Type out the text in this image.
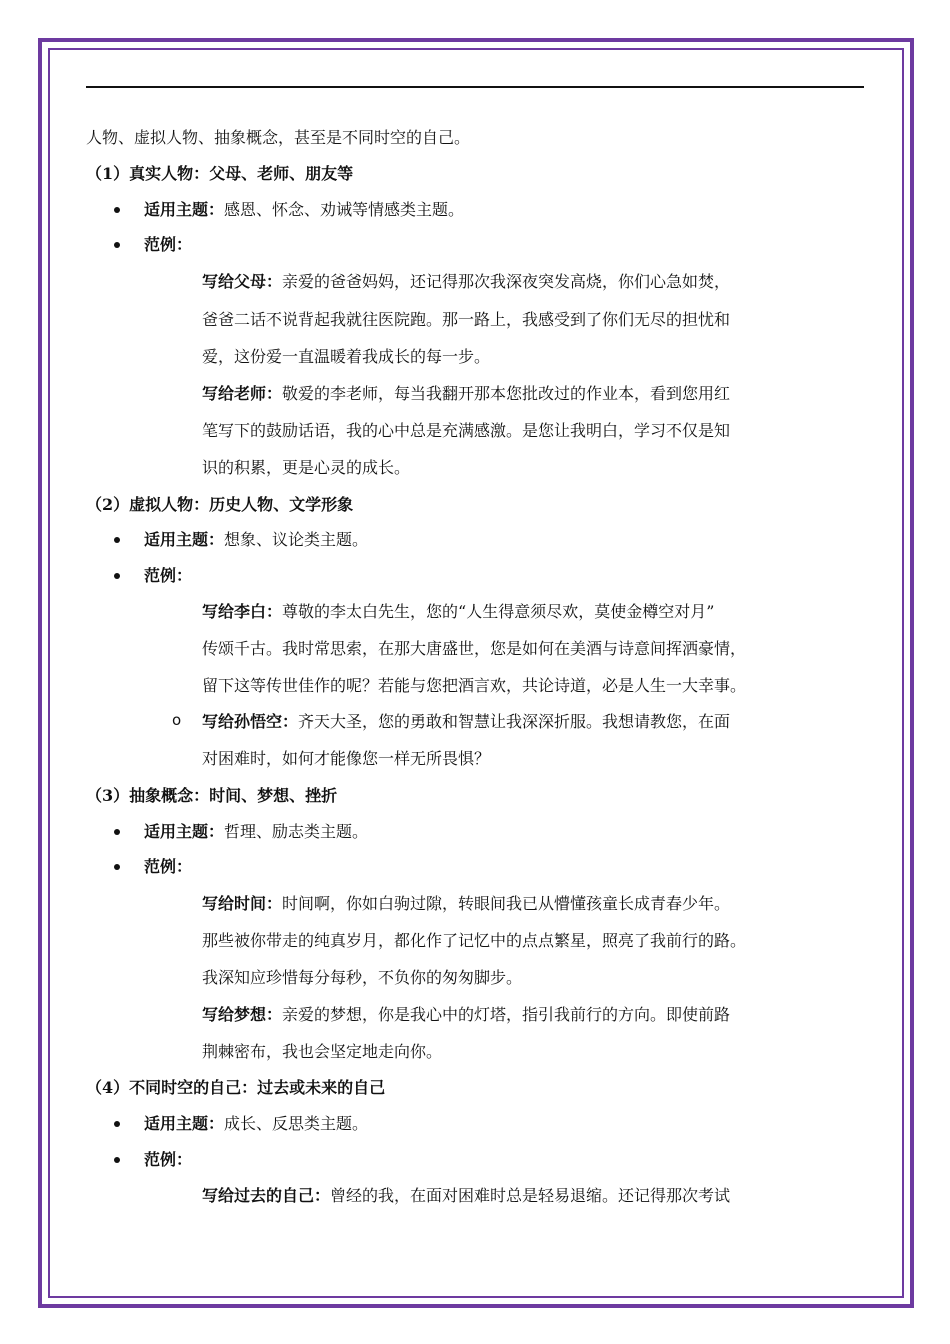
人物、虚拟人物、抽象概念，甚至是不同时空的自己。
（1）真实人物：父母、老师、朋友等
适用主题：感恩、怀念、劝诫等情感类主题。
范例：
写给父母：亲爱的爸爸妈妈，还记得那次我深夜突发高烧，你们心急如焚，
爸爸二话不说背起我就往医院跑。那一路上，我感受到了你们无尽的担忧和
爱，这份爱一直温暖着我成长的每一步。
写给老师：敬爱的李老师，每当我翻开那本您批改过的作业本，看到您用红
笔写下的鼓励话语，我的心中总是充满感激。是您让我明白，学习不仅是知
识的积累，更是心灵的成长。
（2）虚拟人物：历史人物、文学形象
适用主题：想象、议论类主题。
范例：
写给李白：尊敬的李太白先生，您的“人生得意须尽欢，莫使金樽空对月”
传颂千古。我时常思索，在那大唐盛世，您是如何在美酒与诗意间挥洒豪情，
留下这等传世佳作的呢？若能与您把酒言欢，共论诗道，必是人生一大幸事。
o 写给孙悟空：齐天大圣，您的勇敢和智慧让我深深折服。我想请教您，在面
对困难时，如何才能像您一样无所畏惧？
（3）抽象概念：时间、梦想、挫折
适用主题：哲理、励志类主题。
范例：
写给时间：时间啊，你如白驹过隙，转眼间我已从懵懂孩童长成青春少年。
那些被你带走的纯真岁月，都化作了记忆中的点点繁星，照亮了我前行的路。
我深知应珍惜每分每秒，不负你的匆匆脚步。
写给梦想：亲爱的梦想，你是我心中的灯塔，指引我前行的方向。即使前路
荆棘密布，我也会坚定地走向你。
（4）不同时空的自己：过去或未来的自己
适用主题：成长、反思类主题。
范例：
写给过去的自己：曾经的我，在面对困难时总是轻易退缩。还记得那次考试
